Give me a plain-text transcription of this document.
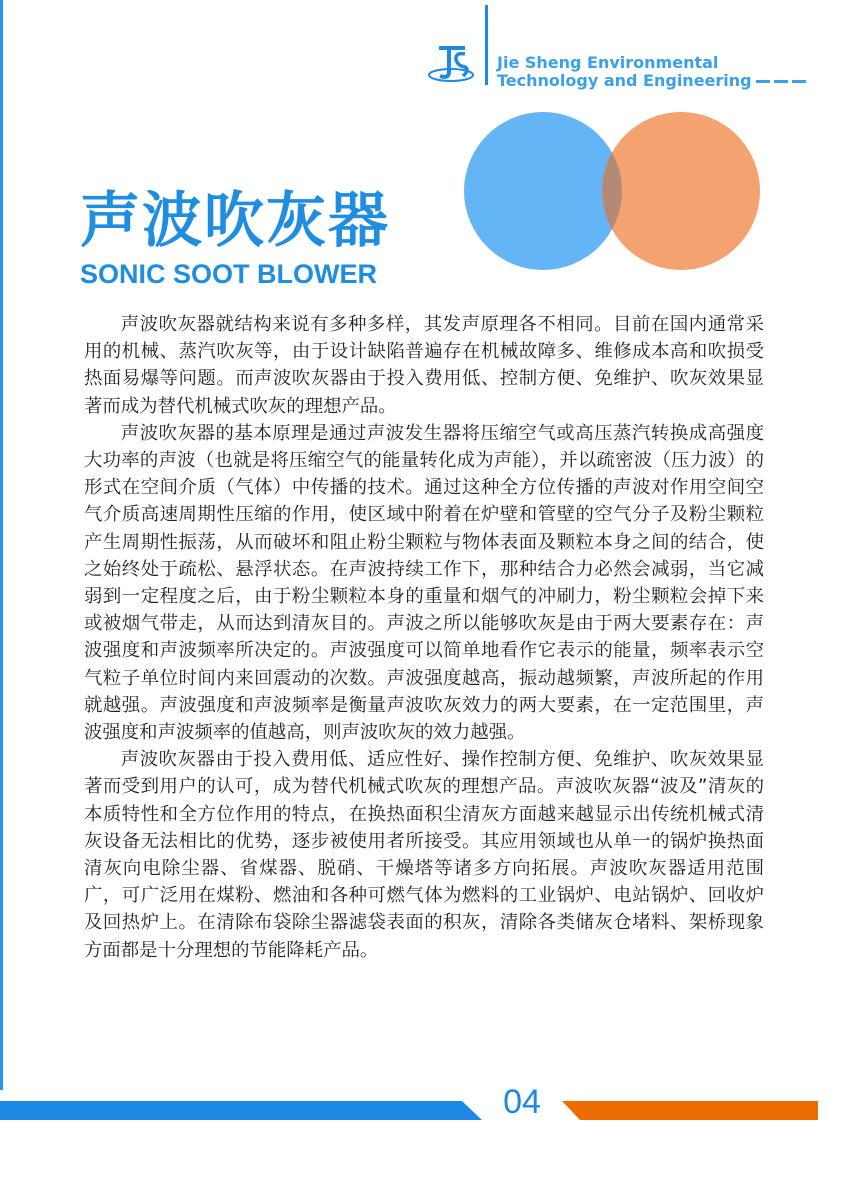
Jie Sheng Environmental
Technology and Engineering
声波吹灰器
SONIC SOOT BLOWER

声波吹灰器就结构来说有多种多样，其发声原理各不相同。目前在国内通常采用的机械、蒸汽吹灰等，由于设计缺陷普遍存在机械故障多、维修成本高和吹损受热面易爆等问题。而声波吹灰器由于投入费用低、控制方便、免维护、吹灰效果显著而成为替代机械式吹灰的理想产品。

声波吹灰器的基本原理是通过声波发生器将压缩空气或高压蒸汽转换成高强度大功率的声波（也就是将压缩空气的能量转化成为声能），并以疏密波（压力波）的形式在空间介质（气体）中传播的技术。通过这种全方位传播的声波对作用空间空气介质高速周期性压缩的作用，使区域中附着在炉壁和管壁的空气分子及粉尘颗粒产生周期性振荡，从而破坏和阻止粉尘颗粒与物体表面及颗粒本身之间的结合，使之始终处于疏松、悬浮状态。在声波持续工作下，那种结合力必然会减弱，当它减弱到一定程度之后，由于粉尘颗粒本身的重量和烟气的冲刷力，粉尘颗粒会掉下来或被烟气带走，从而达到清灰目的。声波之所以能够吹灰是由于两大要素存在：声波强度和声波频率所决定的。声波强度可以简单地看作它表示的能量，频率表示空气粒子单位时间内来回震动的次数。声波强度越高，振动越频繁，声波所起的作用就越强。声波强度和声波频率是衡量声波吹灰效力的两大要素，在一定范围里，声波强度和声波频率的值越高，则声波吹灰的效力越强。

声波吹灰器由于投入费用低、适应性好、操作控制方便、免维护、吹灰效果显著而受到用户的认可，成为替代机械式吹灰的理想产品。声波吹灰器“波及”清灰的本质特性和全方位作用的特点，在换热面积尘清灰方面越来越显示出传统机械式清灰设备无法相比的优势，逐步被使用者所接受。其应用领域也从单一的锅炉换热面清灰向电除尘器、省煤器、脱硝、干燥塔等诸多方向拓展。声波吹灰器适用范围广，可广泛用在煤粉、燃油和各种可燃气体为燃料的工业锅炉、电站锅炉、回收炉及回热炉上。在清除布袋除尘器滤袋表面的积灰，清除各类储灰仓堵料、架桥现象方面都是十分理想的节能降耗产品。

04
